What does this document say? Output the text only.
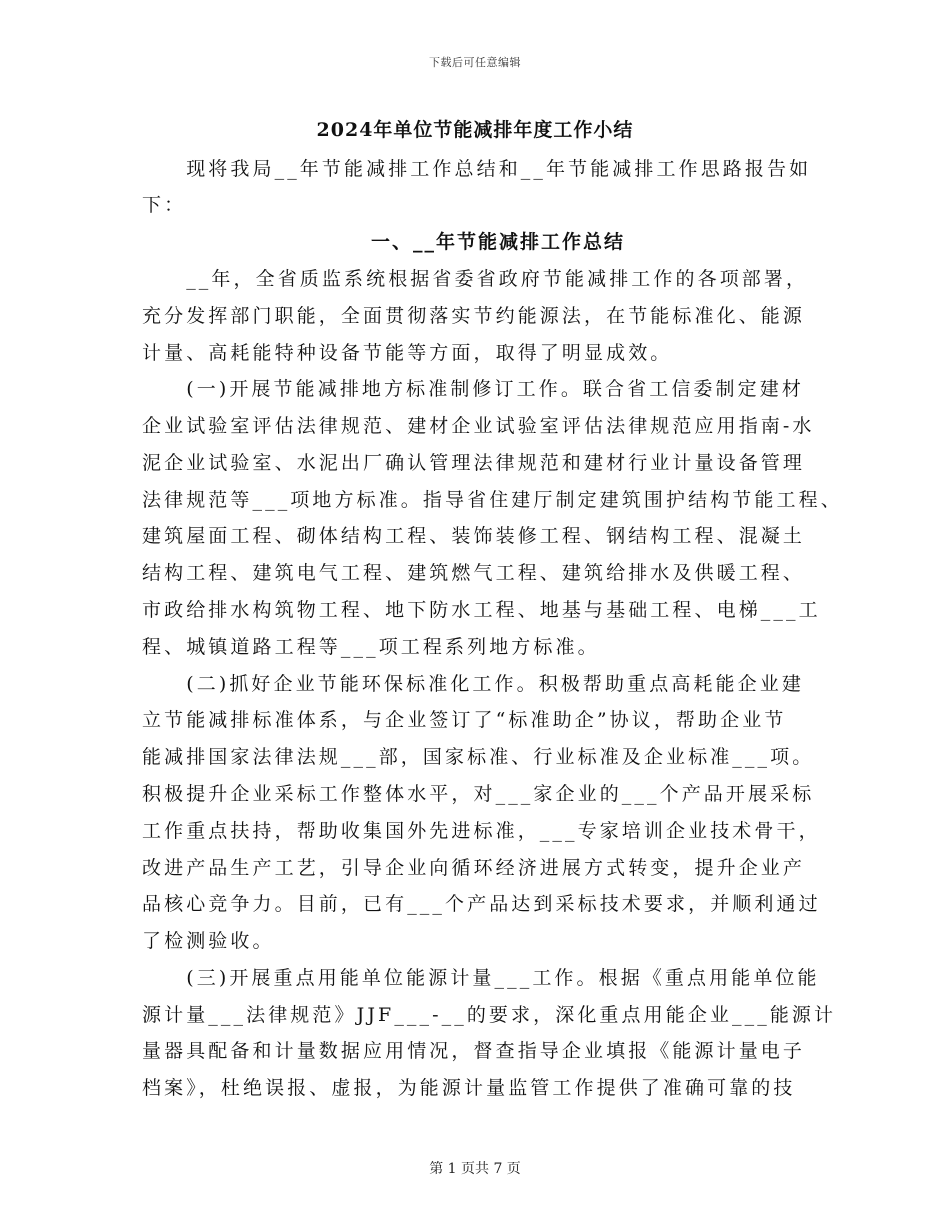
下载后可任意编辑
2024年单位节能减排年度工作小结
　　现将我局__年节能减排工作总结和__年节能减排工作思路报告如
下：
一、__年节能减排工作总结
　　__年，全省质监系统根据省委省政府节能减排工作的各项部署，
充分发挥部门职能，全面贯彻落实节约能源法，在节能标准化、能源
计量、高耗能特种设备节能等方面，取得了明显成效。
　　(一)开展节能减排地方标准制修订工作。联合省工信委制定建材
企业试验室评估法律规范、建材企业试验室评估法律规范应用指南-水
泥企业试验室、水泥出厂确认管理法律规范和建材行业计量设备管理
法律规范等___项地方标准。指导省住建厅制定建筑围护结构节能工程、
建筑屋面工程、砌体结构工程、装饰装修工程、钢结构工程、混凝土
结构工程、建筑电气工程、建筑燃气工程、建筑给排水及供暖工程、
市政给排水构筑物工程、地下防水工程、地基与基础工程、电梯___工
程、城镇道路工程等___项工程系列地方标准。
　　(二)抓好企业节能环保标准化工作。积极帮助重点高耗能企业建
立节能减排标准体系，与企业签订了“标准助企”协议，帮助企业节
能减排国家法律法规___部，国家标准、行业标准及企业标准___项。
积极提升企业采标工作整体水平，对___家企业的___个产品开展采标
工作重点扶持，帮助收集国外先进标准，___专家培训企业技术骨干，
改进产品生产工艺，引导企业向循环经济进展方式转变，提升企业产
品核心竞争力。目前，已有___个产品达到采标技术要求，并顺利通过
了检测验收。
　　(三)开展重点用能单位能源计量___工作。根据《重点用能单位能
源计量___法律规范》JJF___-__的要求，深化重点用能企业___能源计
量器具配备和计量数据应用情况，督查指导企业填报《能源计量电子
档案》，杜绝误报、虚报，为能源计量监管工作提供了准确可靠的技
第 1 页共 7 页
